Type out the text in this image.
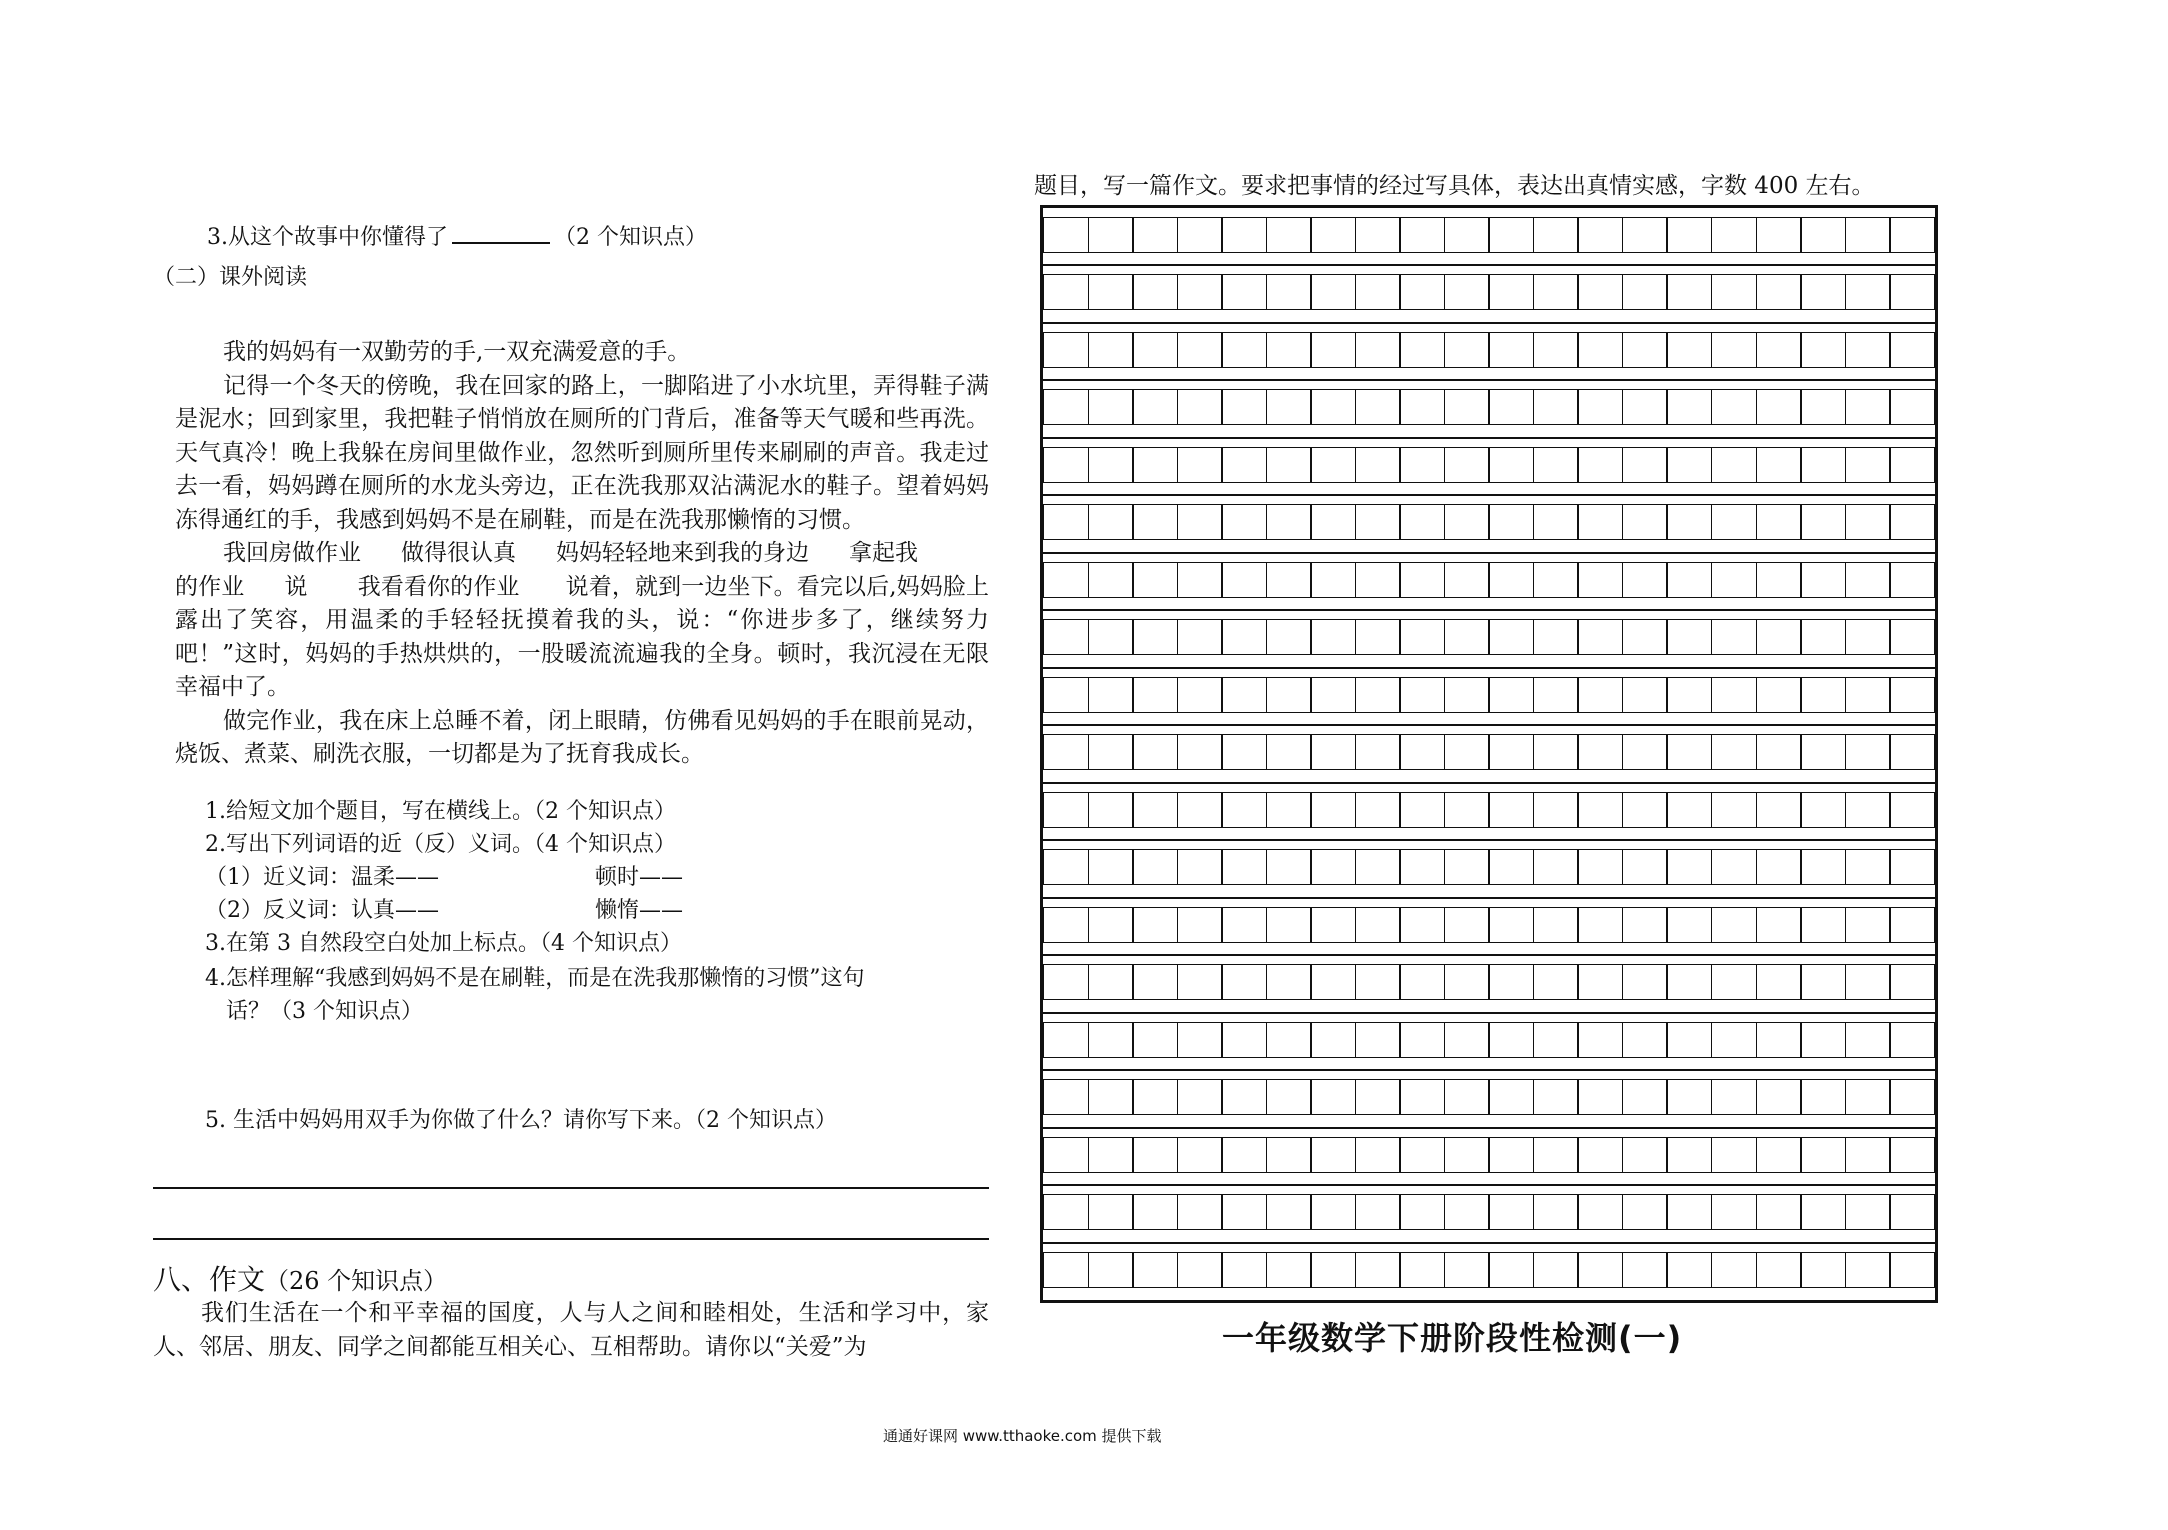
3.从这个故事中你懂得了	（2 个知识点）
（二）课外阅读
我的妈妈有一双勤劳的手,一双充满爱意的手。
记得一个冬天的傍晚，我在回家的路上，一脚陷进了小水坑里，弄得鞋子满是泥水；回到家里，我把鞋子悄悄放在厕所的门背后，准备等天气暖和些再洗。天气真冷！晚上我躲在房间里做作业，忽然听到厕所里传来刷刷的声音。我走过去一看，妈妈蹲在厕所的水龙头旁边，正在洗我那双沾满泥水的鞋子。望着妈妈冻得通红的手，我感到妈妈不是在刷鞋，而是在洗我那懒惰的习惯。
我回房做作业 做得很认真 妈妈轻轻地来到我的身边 拿起我
的作业 说 我看看你的作业 说着，就到一边坐下。看完以后,妈妈脸上露出了笑容，用温柔的手轻轻抚摸着我的头，说：“你进步多了，继续努力吧！”这时，妈妈的手热烘烘的，一股暖流流遍我的全身。顿时，我沉浸在无限幸福中了。
做完作业，我在床上总睡不着，闭上眼睛，仿佛看见妈妈的手在眼前晃动，烧饭、煮菜、刷洗衣服，一切都是为了抚育我成长。
1.给短文加个题目，写在横线上。（2 个知识点）
2.写出下列词语的近（反）义词。（4 个知识点）
（1）近义词：温柔——	顿时——
（2）反义词：认真——	懒惰——
3.在第 3 自然段空白处加上标点。（4 个知识点）
4.怎样理解“我感到妈妈不是在刷鞋，而是在洗我那懒惰的习惯”这句
话？（3 个知识点）
5. 生活中妈妈用双手为你做了什么？请你写下来。（2 个知识点）
八、作文（26 个知识点）
我们生活在一个和平幸福的国度，人与人之间和睦相处，生活和学习中，家人、邻居、朋友、同学之间都能互相关心、互相帮助。请你以“关爱”为
题目，写一篇作文。要求把事情的经过写具体，表达出真情实感，字数 400 左右。
一年级数学下册阶段性检测(一)
通通好课网 www.tthaoke.com 提供下载
